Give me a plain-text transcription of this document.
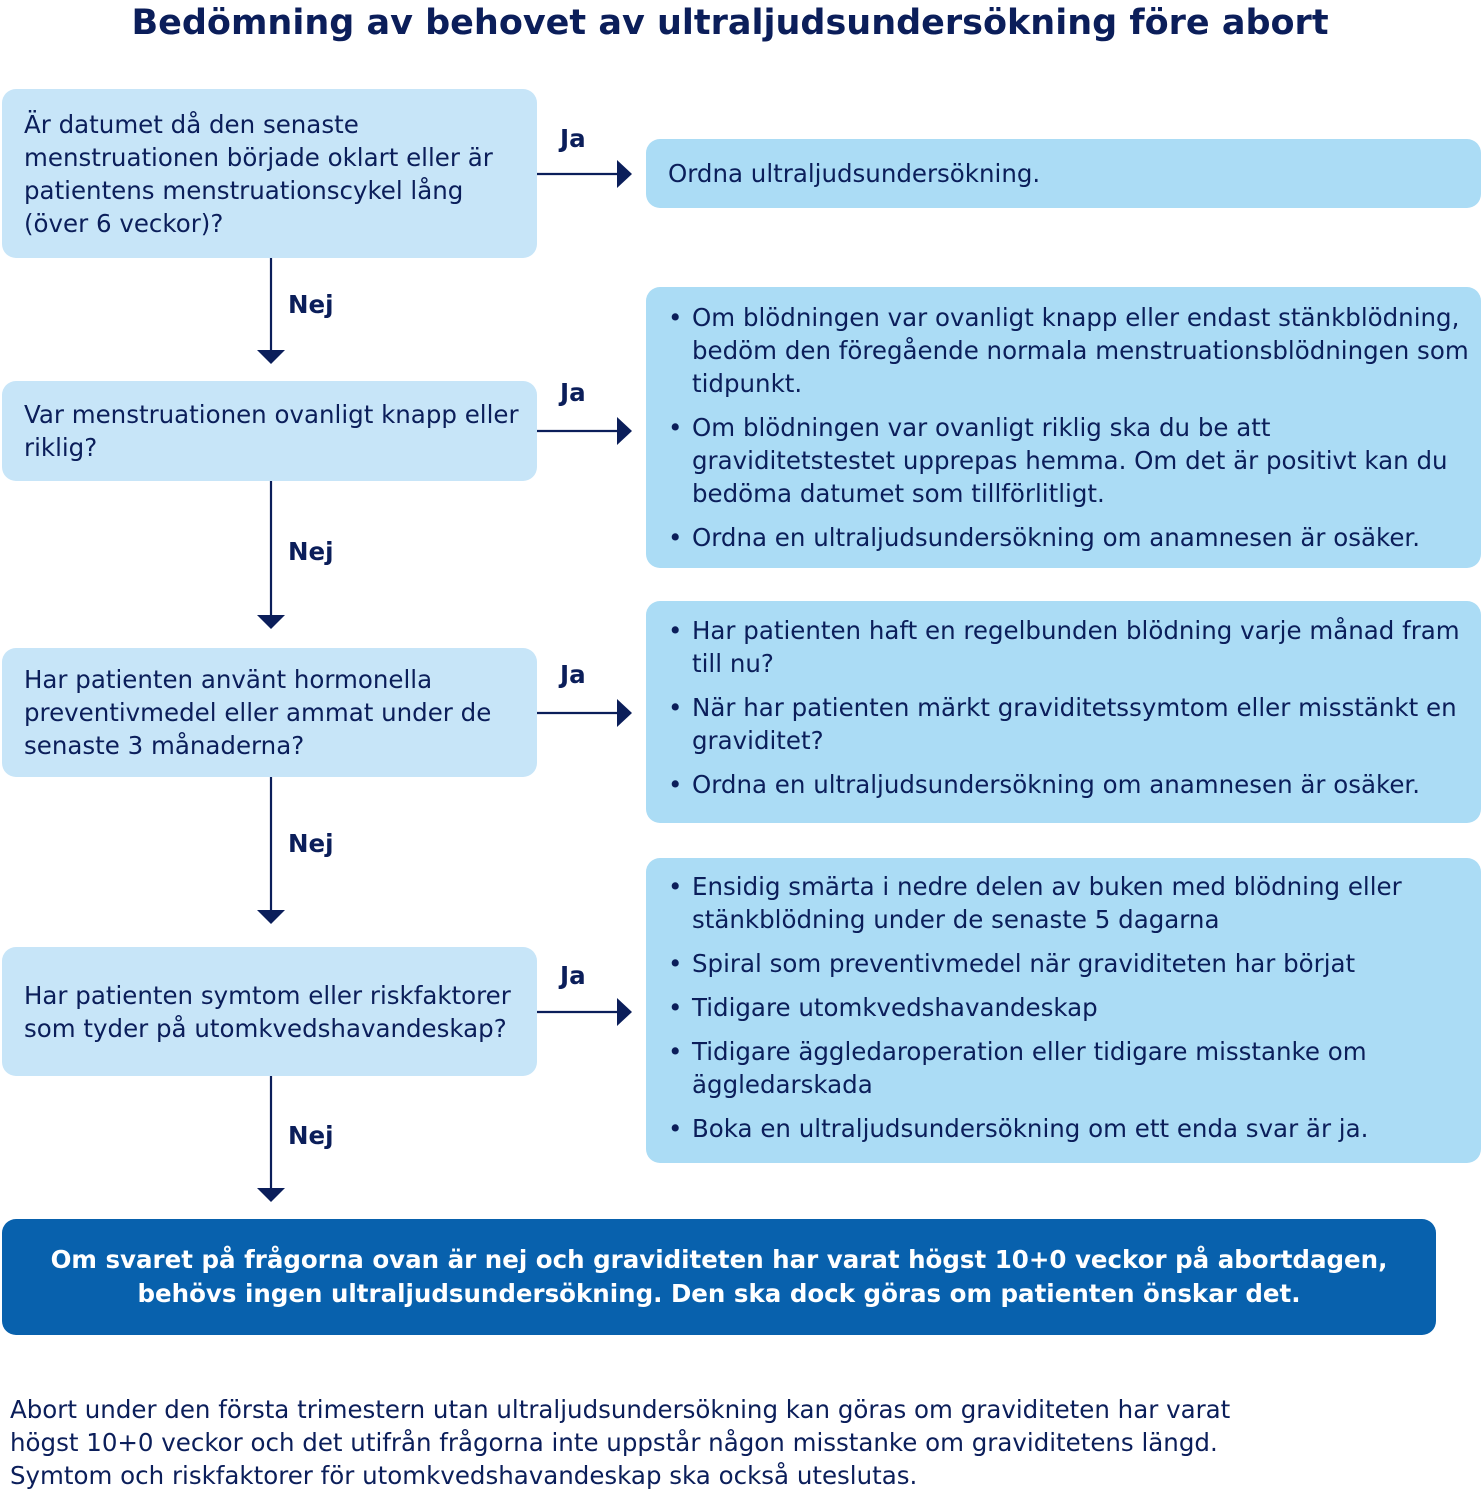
Bedömning av behovet av ultraljudsundersökning före abort
Är datumet då den senaste menstruationen började oklart eller är patientens menstruationscykel lång (över 6 veckor)?
Var menstruationen ovanligt knapp eller riklig?
Har patienten använt hormonella preventivmedel eller ammat under de senaste 3 månaderna?
Har patienten symtom eller riskfaktorer som tyder på utomkvedshavandeskap?
Ja
Ja
Ja
Ja
Nej
Nej
Nej
Nej
Ordna ultraljudsundersökning.
• Om blödningen var ovanligt knapp eller endast stänkblödning, bedöm den föregående normala menstruationsblödningen som tidpunkt.
• Om blödningen var ovanligt riklig ska du be att graviditetstestet upprepas hemma. Om det är positivt kan du bedöma datumet som tillförlitligt.
• Ordna en ultraljudsundersökning om anamnesen är osäker.
• Har patienten haft en regelbunden blödning varje månad fram till nu?
• När har patienten märkt graviditetssymtom eller misstänkt en graviditet?
• Ordna en ultraljudsundersökning om anamnesen är osäker.
• Ensidig smärta i nedre delen av buken med blödning eller stänkblödning under de senaste 5 dagarna
• Spiral som preventivmedel när graviditeten har börjat
• Tidigare utomkvedshavandeskap
• Tidigare äggledaroperation eller tidigare misstanke om äggledarskada
• Boka en ultraljudsundersökning om ett enda svar är ja.
Om svaret på frågorna ovan är nej och graviditeten har varat högst 10+0 veckor på abortdagen,
behövs ingen ultraljudsundersökning. Den ska dock göras om patienten önskar det.
Abort under den första trimestern utan ultraljudsundersökning kan göras om graviditeten har varat
högst 10+0 veckor och det utifrån frågorna inte uppstår någon misstanke om graviditetens längd.
Symtom och riskfaktorer för utomkvedshavandeskap ska också uteslutas.
